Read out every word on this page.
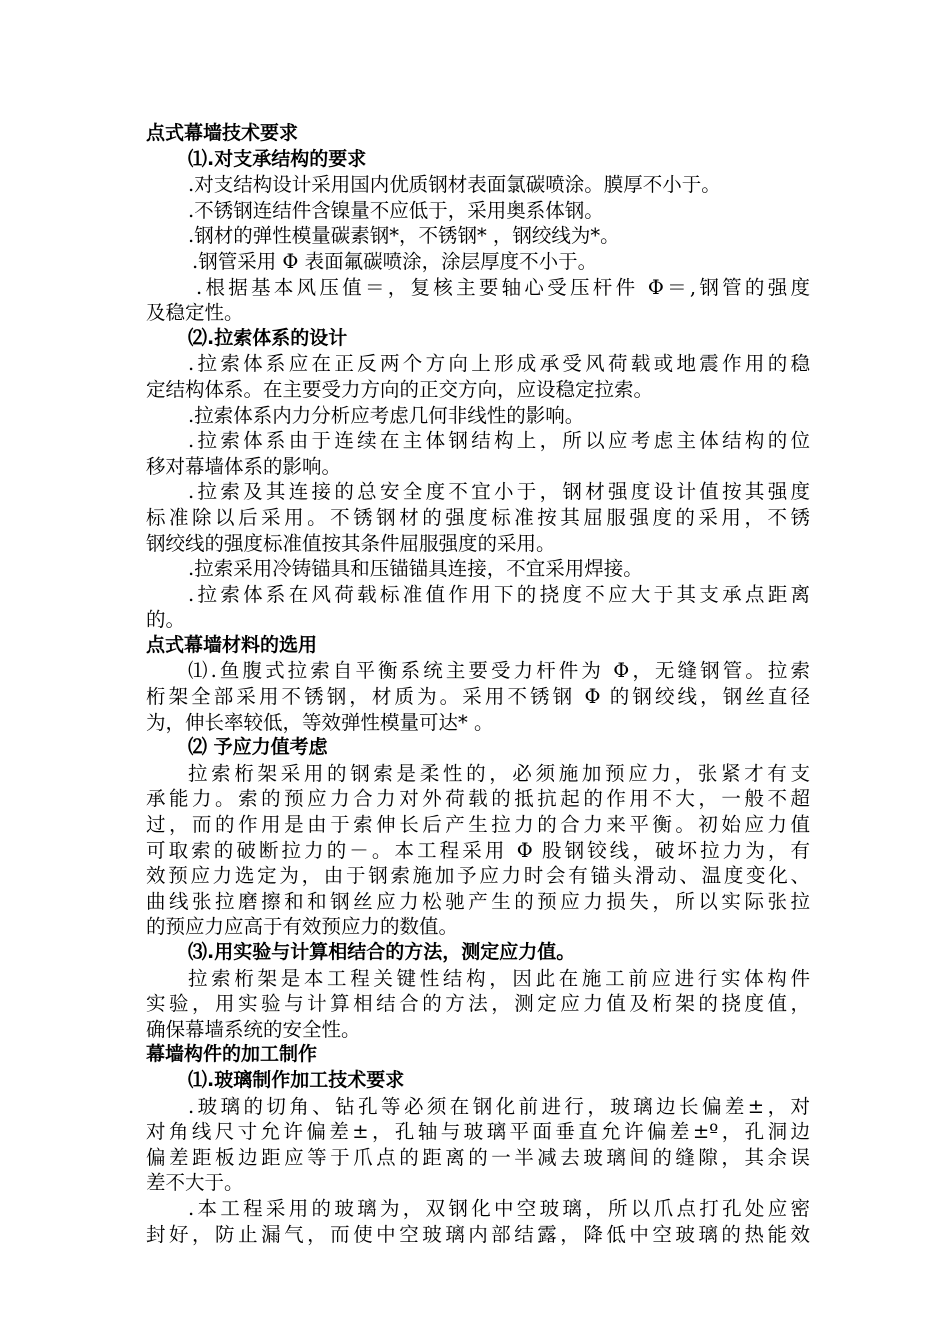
点式幕墙技术要求
⑴.对支承结构的要求
.对支结构设计采用国内优质钢材表面氯碳喷涂。膜厚不小于。
.不锈钢连结件含镍量不应低于，采用奥系体钢。
.钢材的弹性模量碳素钢*，不锈钢* ，钢绞线为*。
.钢管采用 Φ 表面氟碳喷涂，涂层厚度不小于。
.根据基本风压值＝，复核主要轴心受压杆件 Φ＝,钢管的强度
及稳定性。
⑵.拉索体系的设计
.拉索体系应在正反两个方向上形成承受风荷载或地震作用的稳
定结构体系。在主要受力方向的正交方向，应设稳定拉索。
.拉索体系内力分析应考虑几何非线性的影响。
.拉索体系由于连续在主体钢结构上，所以应考虑主体结构的位
移对幕墙体系的影响。
.拉索及其连接的总安全度不宜小于，钢材强度设计值按其强度
标准除以后采用。不锈钢材的强度标准按其屈服强度的采用，不锈
钢绞线的强度标准值按其条件屈服强度的采用。
.拉索采用冷铸锚具和压锚锚具连接，不宜采用焊接。
.拉索体系在风荷载标准值作用下的挠度不应大于其支承点距离
的。
点式幕墙材料的选用
⑴.鱼腹式拉索自平衡系统主要受力杆件为 Φ，无缝钢管。拉索
桁架全部采用不锈钢，材质为。采用不锈钢 Φ 的钢绞线，钢丝直径
为，伸长率较低，等效弹性模量可达* 。
⑵ 予应力值考虑
拉索桁架采用的钢索是柔性的，必须施加预应力，张紧才有支
承能力。索的预应力合力对外荷载的抵抗起的作用不大，一般不超
过，而的作用是由于索伸长后产生拉力的合力来平衡。初始应力值
可取索的破断拉力的－。本工程采用 Φ 股钢铰线，破坏拉力为，有
效预应力选定为，由于钢索施加予应力时会有锚头滑动、温度变化、
曲线张拉磨擦和和钢丝应力松驰产生的预应力损失，所以实际张拉
的预应力应高于有效预应力的数值。
⑶.用实验与计算相结合的方法，测定应力值。
拉索桁架是本工程关键性结构，因此在施工前应进行实体构件
实验，用实验与计算相结合的方法，测定应力值及桁架的挠度值，
确保幕墙系统的安全性。
幕墙构件的加工制作
⑴.玻璃制作加工技术要求
.玻璃的切角、钻孔等必须在钢化前进行，玻璃边长偏差±，对
对角线尺寸允许偏差±，孔轴与玻璃平面垂直允许偏差±º，孔洞边
偏差距板边距应等于爪点的距离的一半减去玻璃间的缝隙，其余误
差不大于。
.本工程采用的玻璃为，双钢化中空玻璃，所以爪点打孔处应密
封好，防止漏气，而使中空玻璃内部结露，降低中空玻璃的热能效
